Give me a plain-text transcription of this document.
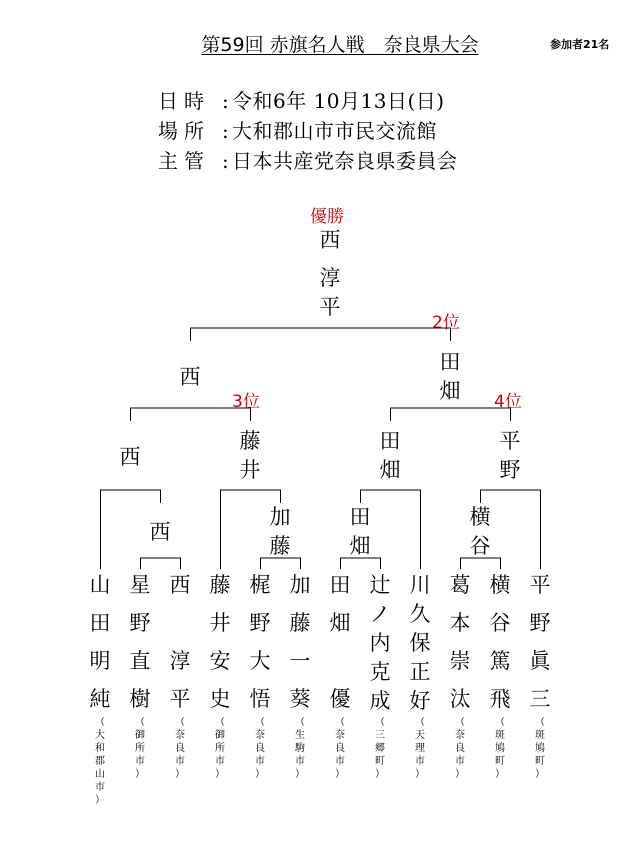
第59回 赤旗名人戦　奈良県大会	参加者21名
日時 : 令和6年 10月13日(日)
場所 : 大和郡山市市民交流館
主管 : 日本共産党奈良県委員会
優勝
2位
3位	4位
山
田
明
純
（
大
和
郡
山
市
）
星
野
直
樹
（
御
所
市
）
西

淳
平
（
奈
良
市
）
藤
井
安
史
（
御
所
市
）
梶
野
大
悟
（
奈
良
市
）
加
藤
一
葵
（
生
駒
市
）
田
畑

優
（
奈
良
市
）
辻
ノ
内
克
成
（
三
郷
町
）
川
久
保
正
好
（
天
理
市
）
葛
本
崇
汰
（
奈
良
市
）
横
谷
篤
飛
（
斑
鳩
町
）
平
野
眞
三
（
斑
鳩
町
）
西
加
藤
田
畑
横
谷
西
藤
井
田
畑
平
野
西
田
畑
西
淳
平
